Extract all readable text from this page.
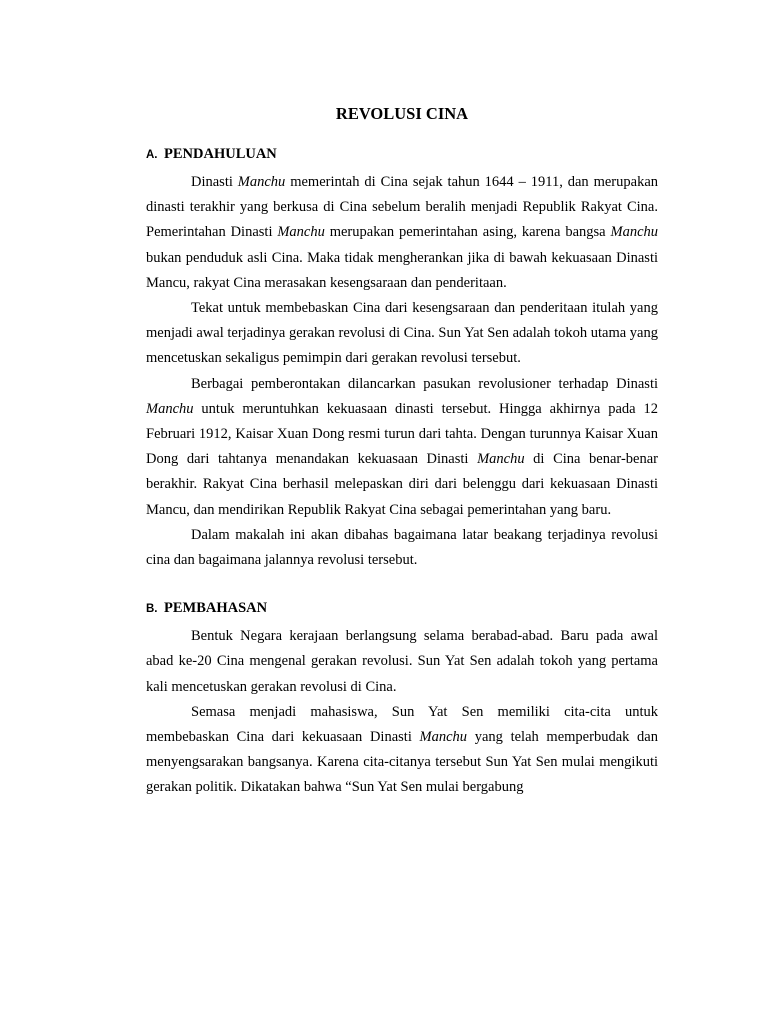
REVOLUSI CINA
A. PENDAHULUAN

Dinasti Manchu memerintah di Cina sejak tahun 1644 – 1911, dan merupakan dinasti terakhir yang berkusa di Cina sebelum beralih menjadi Republik Rakyat Cina. Pemerintahan Dinasti Manchu merupakan pemerintahan asing, karena bangsa Manchu bukan penduduk asli Cina. Maka tidak mengherankan jika di bawah kekuasaan Dinasti Mancu, rakyat Cina merasakan kesengsaraan dan penderitaan.

Tekat untuk membebaskan Cina dari kesengsaraan dan penderitaan itulah yang menjadi awal terjadinya gerakan revolusi di Cina. Sun Yat Sen adalah tokoh utama yang mencetuskan sekaligus pemimpin dari gerakan revolusi tersebut.

Berbagai pemberontakan dilancarkan pasukan revolusioner terhadap Dinasti Manchu untuk meruntuhkan kekuasaan dinasti tersebut. Hingga akhirnya pada 12 Februari 1912, Kaisar Xuan Dong resmi turun dari tahta. Dengan turunnya Kaisar Xuan Dong dari tahtanya menandakan kekuasaan Dinasti Manchu di Cina benar-benar berakhir. Rakyat Cina berhasil melepaskan diri dari belenggu dari kekuasaan Dinasti Mancu, dan mendirikan Republik Rakyat Cina sebagai pemerintahan yang baru.

Dalam makalah ini akan dibahas bagaimana latar beakang terjadinya revolusi cina dan bagaimana jalannya revolusi tersebut.

B. PEMBAHASAN

Bentuk Negara kerajaan berlangsung selama berabad-abad. Baru pada awal abad ke-20 Cina mengenal gerakan revolusi. Sun Yat Sen adalah tokoh yang pertama kali mencetuskan gerakan revolusi di Cina.

Semasa menjadi mahasiswa, Sun Yat Sen memiliki cita-cita untuk membebaskan Cina dari kekuasaan Dinasti Manchu yang telah memperbudak dan menyengsarakan bangsanya. Karena cita-citanya tersebut Sun Yat Sen mulai mengikuti gerakan politik. Dikatakan bahwa “Sun Yat Sen mulai bergabung
